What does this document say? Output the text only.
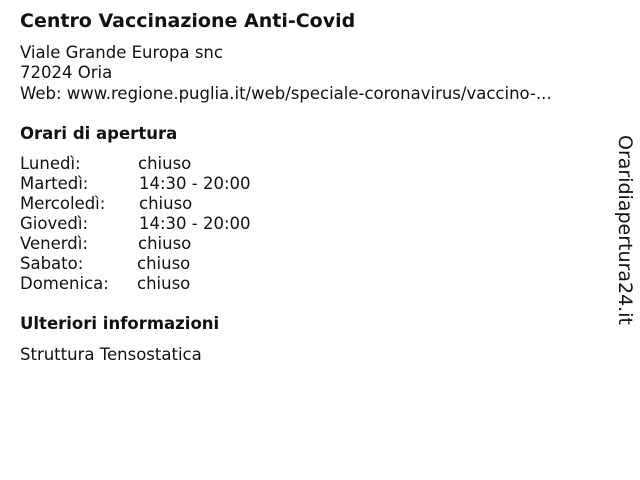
Centro Vaccinazione Anti-Covid
Viale Grande Europa snc
72024 Oria
Web: www.regione.puglia.it/web/speciale-coronavirus/vaccino-...
Orari di apertura
Lunedì:	chiuso
Martedì:	14:30 - 20:00
Mercoledì: chiuso
Giovedì:	14:30 - 20:00
Venerdì:	chiuso
Sabato:	chiuso
Domenica: chiuso
Ulteriori informazioni
Struttura Tensostatica
Oraridiapertura24.it
